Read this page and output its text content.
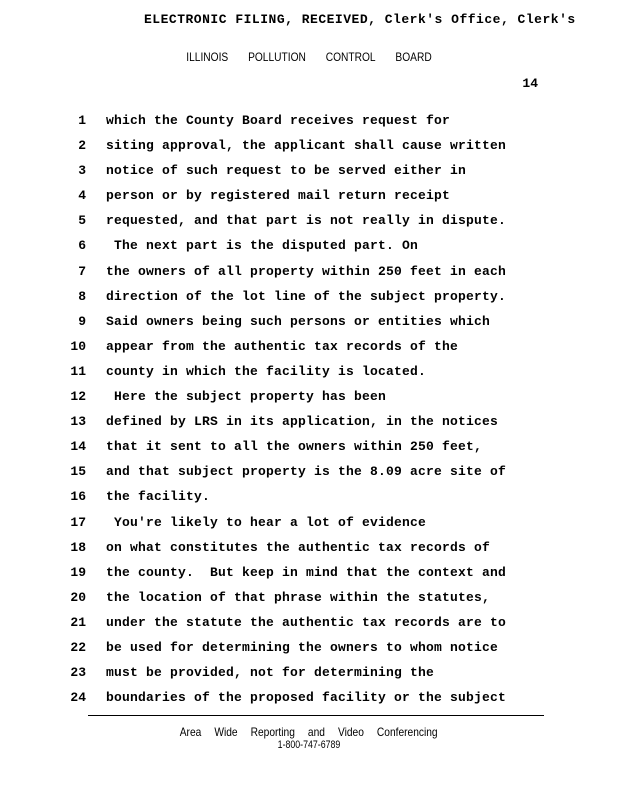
ELECTRONIC FILING, RECEIVED, Clerk's Office, Clerk's
ILLINOIS POLLUTION CONTROL BOARD
14
1 which the County Board receives request for
2 siting approval, the applicant shall cause written
3 notice of such request to be served either in
4 person or by registered mail return receipt
5 requested, and that part is not really in dispute.
6 The next part is the disputed part. On
7 the owners of all property within 250 feet in each
8 direction of the lot line of the subject property.
9 Said owners being such persons or entities which
10 appear from the authentic tax records of the
11 county in which the facility is located.
12 Here the subject property has been
13 defined by LRS in its application, in the notices
14 that it sent to all the owners within 250 feet,
15 and that subject property is the 8.09 acre site of
16 the facility.
17 You're likely to hear a lot of evidence
18 on what constitutes the authentic tax records of
19 the county.  But keep in mind that the context and
20 the location of that phrase within the statutes,
21 under the statute the authentic tax records are to
22 be used for determining the owners to whom notice
23 must be provided, not for determining the
24 boundaries of the proposed facility or the subject
Area Wide Reporting and Video Conferencing
1-800-747-6789
